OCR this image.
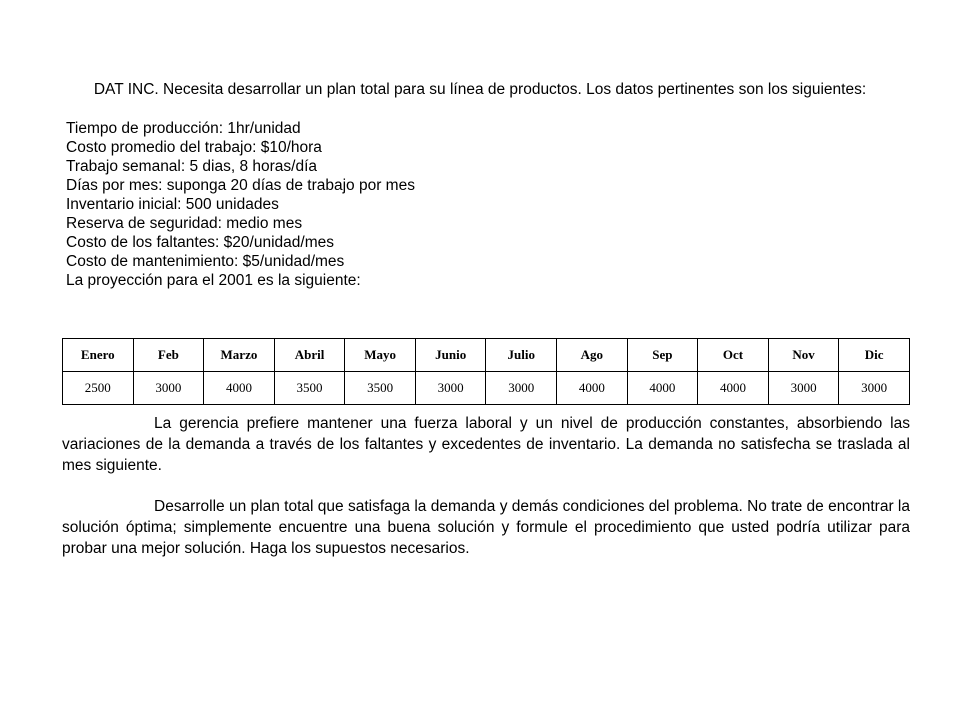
DAT INC. Necesita desarrollar un plan total para su línea de productos. Los datos pertinentes son los siguientes:
Tiempo de producción: 1hr/unidad
Costo promedio del trabajo: $10/hora
Trabajo semanal: 5 dias, 8 horas/día
Días por mes: suponga 20 días de trabajo por mes
Inventario inicial: 500 unidades
Reserva de seguridad: medio mes
Costo de los faltantes: $20/unidad/mes
Costo de mantenimiento: $5/unidad/mes
La proyección para el 2001 es la siguiente:
Enero	Feb	Marzo	Abril	Mayo	Junio	Julio	Ago	Sep	Oct	Nov	Dic
2500	3000	4000	3500	3500	3000	3000	4000	4000	4000	3000	3000

La gerencia prefiere mantener una fuerza laboral y un nivel de producción constantes, absorbiendo las variaciones de la demanda a través de los faltantes y excedentes de inventario. La demanda no satisfecha se traslada al mes siguiente.

Desarrolle un plan total que satisfaga la demanda y demás condiciones del problema. No trate de encontrar la solución óptima; simplemente encuentre una buena solución y formule el procedimiento que usted podría utilizar para probar una mejor solución. Haga los supuestos necesarios.
